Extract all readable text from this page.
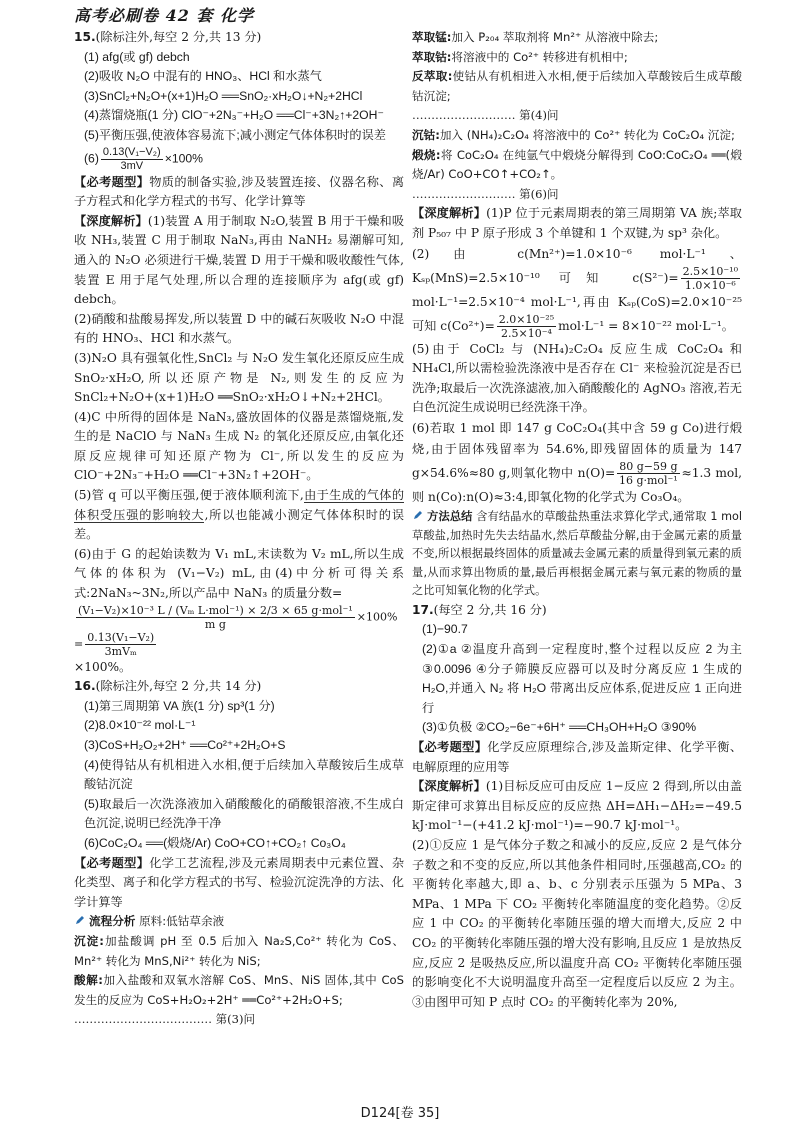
高考必刷卷 42 套 化学

15.(除标注外,每空 2 分,共 13 分)

(1) afg(或 gf) debch

(2)吸收 N₂O 中混有的 HNO₃、HCl 和水蒸气

(3)SnCl₂+N₂O+(x+1)H₂O ══SnO₂·xH₂O↓+N₂+2HCl

(4)蒸馏烧瓶(1 分) ClO⁻+2N₃⁻+H₂O ══Cl⁻+3N₂↑+2OH⁻

(5)平衡压强,使液体容易流下;减小测定气体体积时的误差

$(6) \frac{\text{0.13(V₁−V₂)}}{3mV} \times 100\%$

【必考题型】物质的制备实验,涉及装置连接、仪器名称、离子方程式和化学方程式的书写、化学计算等

【深度解析】(1)装置 A 用于制取 N₂O,装置 B 用于干燥和吸收 NH₃,装置 C 用于制取 NaN₃,再由 NaNH₂ 易潮解可知,通入的 N₂O 必须进行干燥,装置 D 用于干燥和吸收酸性气体,装置 E 用于尾气处理,所以合理的连接顺序为 afg(或 gf) debch。

(2)硝酸和盐酸易挥发,所以装置 D 中的碱石灰吸收 N₂O 中混有的 HNO₃、HCl 和水蒸气。

(3)N₂O 具有强氧化性,SnCl₂ 与 N₂O 发生氧化还原反应生成 SnO₂·xH₂O,所以还原产物是 N₂,则发生的反应为 SnCl₂+N₂O+(x+1)H₂O ══SnO₂·xH₂O↓+N₂+2HCl。

(4)C 中所得的固体是 NaN₃,盛放固体的仪器是蒸馏烧瓶,发生的是 NaClO 与 NaN₃ 生成 N₂ 的氧化还原反应,由氧化还原反应规律可知还原产物为 Cl⁻,所以发生的反应为 ClO⁻+2N₃⁻+H₂O ══Cl⁻+3N₂↑+2OH⁻。

(5)管 q 可以平衡压强,便于液体顺利流下,由于生成的气体的体积受压强的影响较大,所以也能减小测定气体体积时的误差。

(6)由于 G 的起始读数为 V₁ mL,末读数为 V₂ mL,所以生成气体的体积为 (V₁−V₂) mL,由(4)中分析可得关系式:2NaN₃~3N₂,所以产品中 NaN₃ 的质量分数=

$\frac{\text{(V₁−V₂)×10⁻³ L / (Vₘ L·mol⁻¹) × 2/3 × 65 g·mol⁻¹}}{\text{m g}} \times 100\% = \frac{\text{0.13(V₁−V₂)}}{\text{3mVₘ}}$

×100%。

16.(除标注外,每空 2 分,共 14 分)

(1)第三周期第 VA 族(1 分) sp³(1 分)

(2)8.0×10⁻²² mol·L⁻¹

(3)CoS+H₂O₂+2H⁺ ══Co²⁺+2H₂O+S

(4)使得钴从有机相进入水相,便于后续加入草酸铵后生成草酸钴沉淀

(5)取最后一次洗涤液加入硝酸酸化的硝酸银溶液,不生成白色沉淀,说明已经洗净干净

(6)CoC₂O₄ ══(煅烧/Ar) CoO+CO↑+CO₂↑ Co₃O₄

【必考题型】化学工艺流程,涉及元素周期表中元素位置、杂化类型、离子和化学方程式的书写、检验沉淀洗净的方法、化学计算等

流程分析 原料:低钴草余液

沉淀:加盐酸调 pH 至 0.5 后加入 Na₂S,Co²⁺ 转化为 CoS、Mn²⁺ 转化为 MnS,Ni²⁺ 转化为 NiS;

酸解:加入盐酸和双氧水溶解 CoS、MnS、NiS 固体,其中 CoS 发生的反应为 CoS+H₂O₂+2H⁺ ══Co²⁺+2H₂O+S;

……………………………… 第(3)问

萃取锰:加入 P₂₀₄ 萃取剂将 Mn²⁺ 从溶液中除去;

萃取钴:将溶液中的 Co²⁺ 转移进有机相中;

反萃取:使钴从有机相进入水相,便于后续加入草酸铵后生成草酸钴沉淀;

……………………… 第(4)问

沉钴:加入 (NH₄)₂C₂O₄ 将溶液中的 Co²⁺ 转化为 CoC₂O₄ 沉淀;

煅烧:将 CoC₂O₄ 在纯氩气中煅烧分解得到 CoO:CoC₂O₄ ══(煅烧/Ar) CoO+CO↑+CO₂↑。

……………………… 第(6)问

【深度解析】(1)P 位于元素周期表的第三周期第 VA 族;萃取剂 P₅₀₇ 中 P 原子形成 3 个单键和 1 个双键,为 sp³ 杂化。

(2)由 c(Mn²⁺)=1.0×10⁻⁶ mol·L⁻¹、Kₛₚ(MnS)=2.5×10⁻¹⁰ 可知 $c(S^{2-})= \frac{\text{2.5×10⁻¹⁰}}{\text{1.0×10⁻⁶}}$
mol·L⁻¹=2.5×10⁻⁴ mol·L⁻¹,再由 Kₛₚ(CoS)=2.0×10⁻²⁵ 可知 $c(Co^{2+})= \frac{\text{2.0×10⁻²⁵}}{\text{2.5×10⁻⁴}} mol\cdot L^{-1} = 8\times 10^{-22}$ mol·L⁻¹。

(5)由于 CoCl₂ 与 (NH₄)₂C₂O₄ 反应生成 CoC₂O₄ 和 NH₄Cl,所以需检验洗涤液中是否存在 Cl⁻ 来检验沉淀是否已洗净;取最后一次洗涤滤液,加入硝酸酸化的 AgNO₃ 溶液,若无白色沉淀生成说明已经洗涤干净。

(6)若取 1 mol 即 147 g CoC₂O₄(其中含 59 g Co)进行煅烧,由于固体残留率为 54.6%,即残留固体的质量为 147 g×54.6%≈80 g,则氧化物中 $n(O)= \frac{80 g-59 g}{\text{16 g·mol⁻¹}} \approx 1.3$ mol,则 n(Co):n(O)≈3:4,即氧化物的化学式为 Co₃O₄。

方法总结 含有结晶水的草酸盐热重法求算化学式,通常取 1 mol 草酸盐,加热时先失去结晶水,然后草酸盐分解,由于金属元素的质量不变,所以根据最终固体的质量减去金属元素的质量得到氧元素的质量,从而求算出物质的量,最后再根据金属元素与氧元素的物质的量之比可知氧化物的化学式。

17.(每空 2 分,共 16 分)

(1)−90.7

(2)①a ②温度升高到一定程度时,整个过程以反应 2 为主 ③0.0096 ④分子筛膜反应器可以及时分离反应 1 生成的 H₂O,并通入 N₂ 将 H₂O 带离出反应体系,促进反应 1 正向进行

(3)①负极 ②CO₂−6e⁻+6H⁺ ══CH₃OH+H₂O ③90%

【必考题型】化学反应原理综合,涉及盖斯定律、化学平衡、电解原理的应用等

【深度解析】(1)目标反应可由反应 1−反应 2 得到,所以由盖斯定律可求算出目标反应的反应热 ΔH=ΔH₁−ΔH₂=−49.5 kJ·mol⁻¹−(+41.2 kJ·mol⁻¹)=−90.7 kJ·mol⁻¹。

(2)①反应 1 是气体分子数之和减小的反应,反应 2 是气体分子数之和不变的反应,所以其他条件相同时,压强越高,CO₂ 的平衡转化率越大,即 a、b、c 分别表示压强为 5 MPa、3 MPa、1 MPa 下 CO₂ 平衡转化率随温度的变化趋势。②反应 1 中 CO₂ 的平衡转化率随压强的增大而增大,反应 2 中 CO₂ 的平衡转化率随压强的增大没有影响,且反应 1 是放热反应,反应 2 是吸热反应,所以温度升高 CO₂ 平衡转化率随压强的影响变化不大说明温度升高至一定程度后以反应 2 为主。③由图甲可知 P 点时 CO₂ 的平衡转化率为 20%,

D124[卷 35]
